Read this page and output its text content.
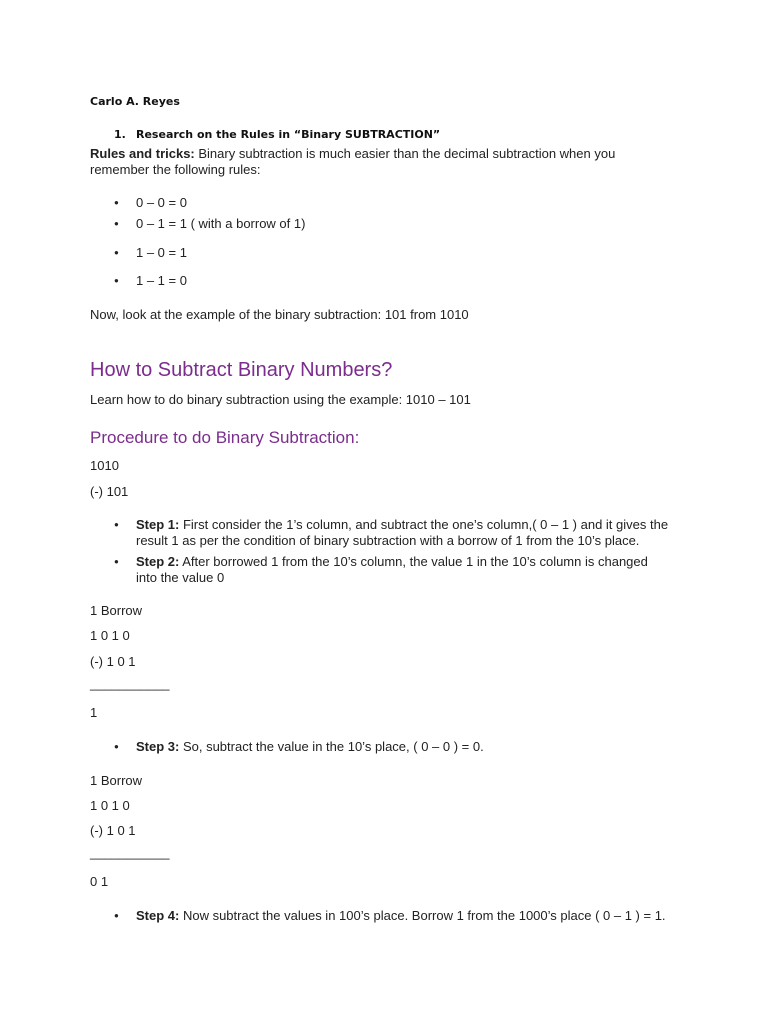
Carlo A. Reyes
1. Research on the Rules in “Binary SUBTRACTION”
Rules and tricks: Binary subtraction is much easier than the decimal subtraction when you
remember the following rules:
● 0 – 0 = 0
● 0 – 1 = 1 ( with a borrow of 1)
● 1 – 0 = 1
● 1 – 1 = 0
Now, look at the example of the binary subtraction: 101 from 1010
How to Subtract Binary Numbers?
Learn how to do binary subtraction using the example: 1010 – 101
Procedure to do Binary Subtraction:
1010
(-) 101
● Step 1: First consider the 1’s column, and subtract the one’s column,( 0 – 1 ) and it gives the
result 1 as per the condition of binary subtraction with a borrow of 1 from the 10’s place.
● Step 2: After borrowed 1 from the 10’s column, the value 1 in the 10’s column is changed
into the value 0
1 Borrow
1 0 1 0
(-) 1 0 1
___________
1
● Step 3: So, subtract the value in the 10’s place, ( 0 – 0 ) = 0.
1 Borrow
1 0 1 0
(-) 1 0 1
___________
0 1
● Step 4: Now subtract the values in 100’s place. Borrow 1 from the 1000’s place ( 0 – 1 ) = 1.
